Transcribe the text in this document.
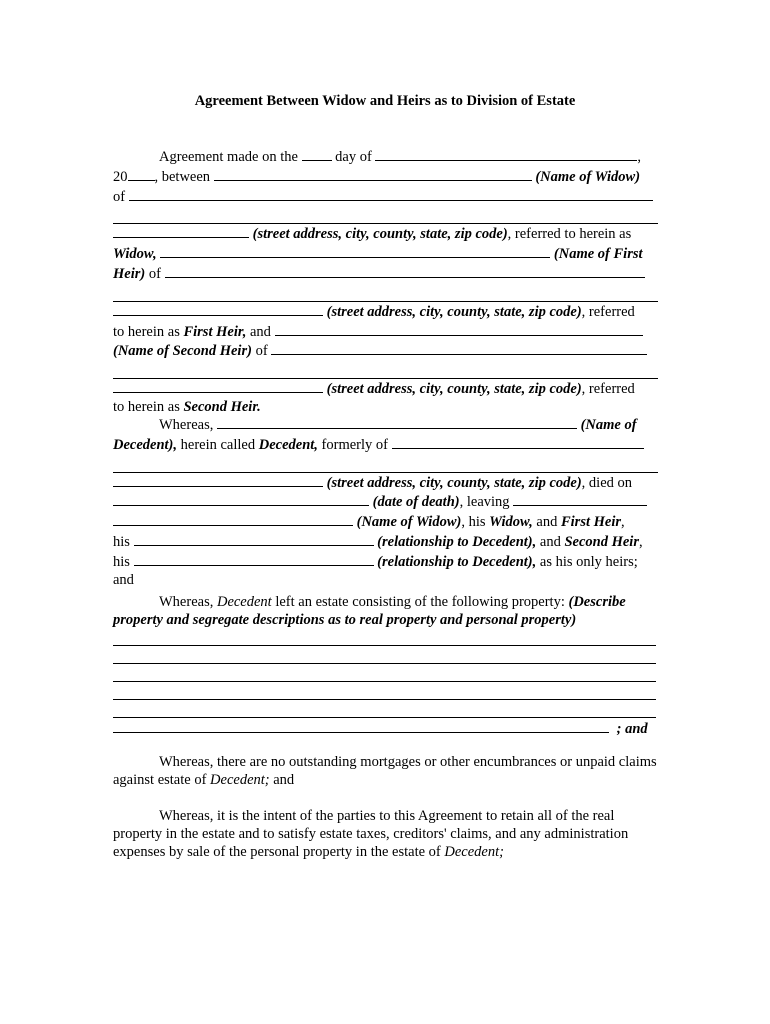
Agreement Between Widow and Heirs as to Division of Estate
Agreement made on the	day of	,
20 , between	(Name of Widow)
of
(street address, city, county, state, zip code), referred to herein as
Widow,	(Name of First Heir) of
(street address, city, county, state, zip code), referred
to herein as First Heir, and
(Name of Second Heir) of
(street address, city, county, state, zip code), referred
to herein as Second Heir.
Whereas,	(Name of Decedent), herein called Decedent, formerly of
(street address, city, county, state, zip code), died on
(date of death), leaving
(Name of Widow), his Widow, and First Heir,
his	(relationship to Decedent), and Second Heir,
his	(relationship to Decedent), as his only heirs;
and
Whereas, Decedent left an estate consisting of the following property: (Describe property and segregate descriptions as to real property and personal property)
; and
Whereas, there are no outstanding mortgages or other encumbrances or unpaid claims against estate of Decedent; and
Whereas, it is the intent of the parties to this Agreement to retain all of the real property in the estate and to satisfy estate taxes, creditors' claims, and any administration expenses by sale of the personal property in the estate of Decedent;
